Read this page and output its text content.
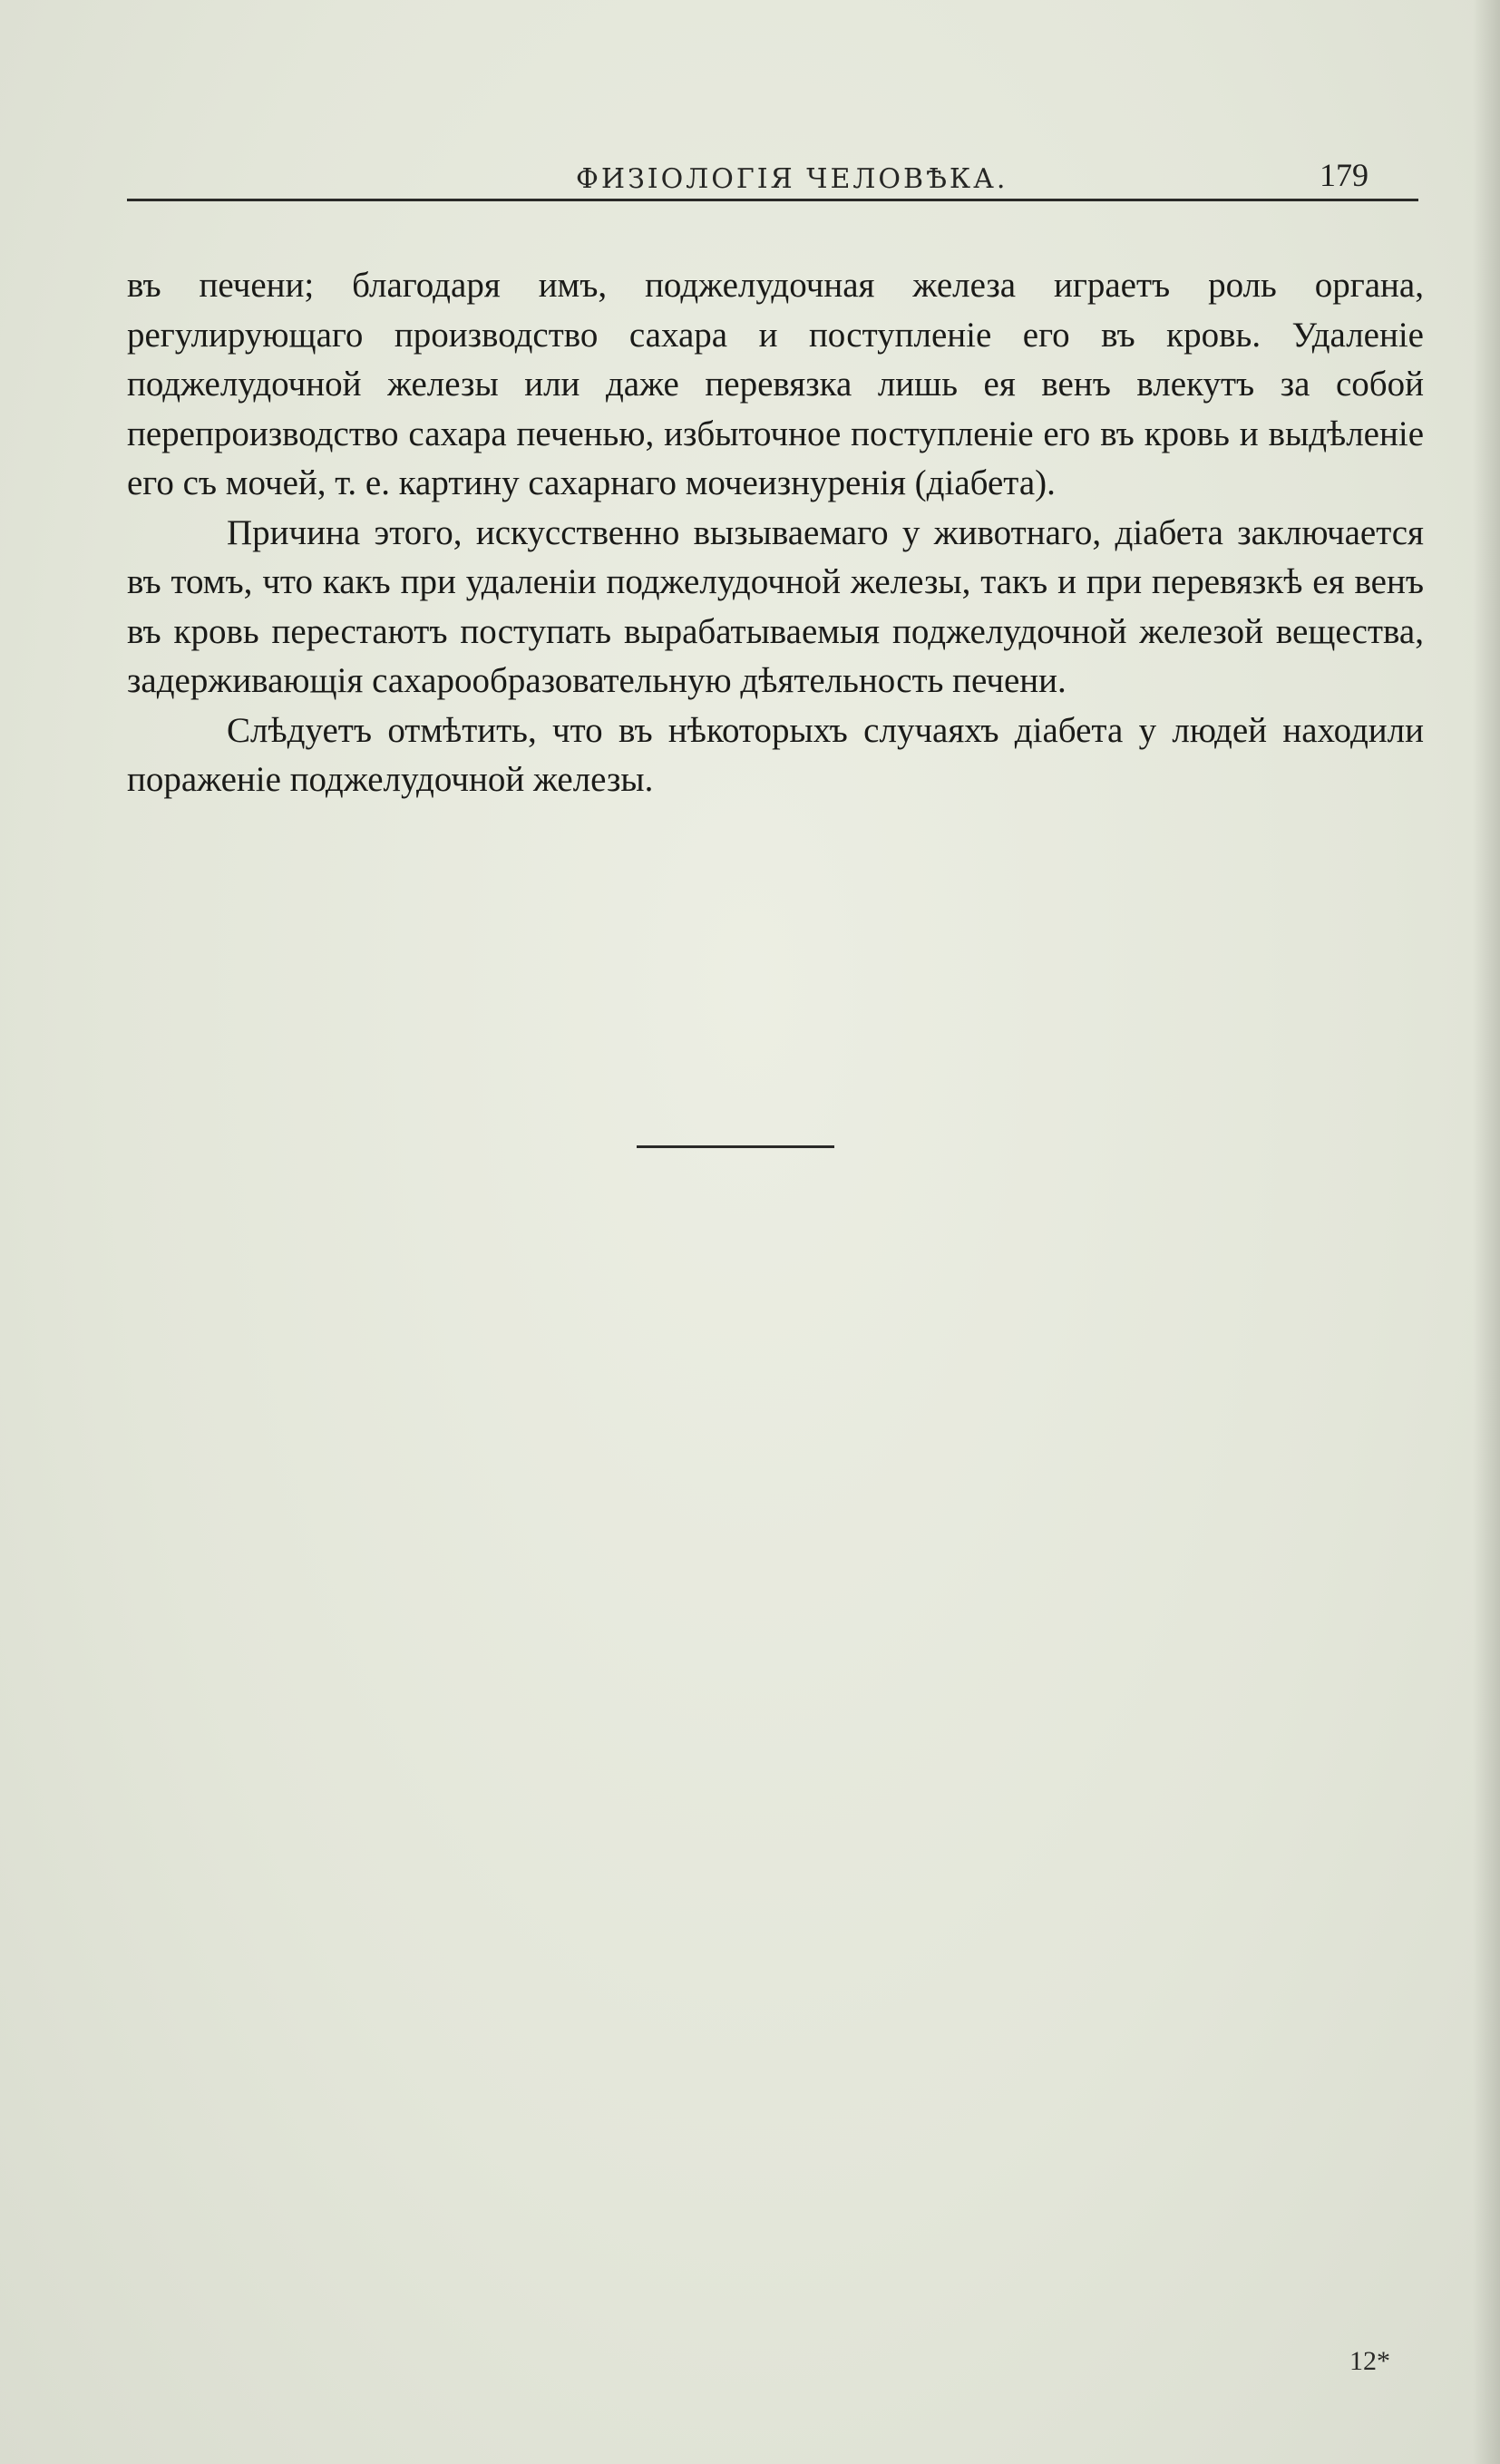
ФИЗІОЛОГІЯ ЧЕЛОВѢКА.	179

въ печени; благодаря имъ, поджелудочная железа играетъ роль органа, регулирующаго производство сахара и поступленіе его въ кровь. Удаленіе поджелудочной железы или даже перевязка лишь ея венъ влекутъ за собой перепроизводство сахара печенью, избыточное поступленіе его въ кровь и выдѣленіе его съ мочей, т. е. картину сахарнаго мочеизнуренія (діабета).

Причина этого, искусственно вызываемаго у животнаго, діабета заключается въ томъ, что какъ при удаленіи поджелудочной железы, такъ и при перевязкѣ ея венъ въ кровь перестаютъ поступать вырабатываемыя поджелудочной железой вещества, задерживающія сахарообразовательную дѣятельность печени.

Слѣдуетъ отмѣтить, что въ нѣкоторыхъ случаяхъ діабета у людей находили пораженіе поджелудочной железы.

12*
